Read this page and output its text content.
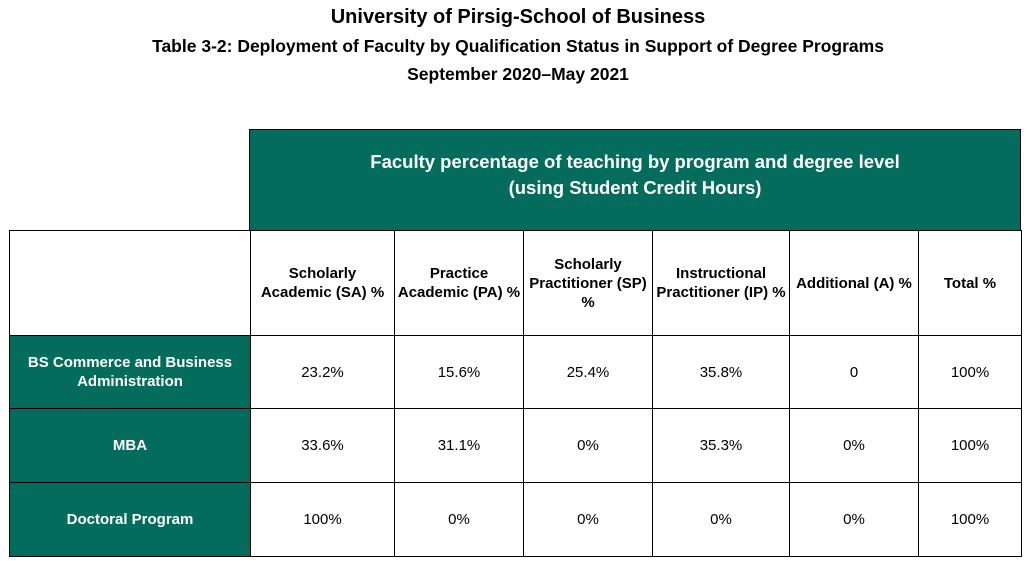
University of Pirsig-School of Business
Table 3-2: Deployment of Faculty by Qualification Status in Support of Degree Programs
September 2020–May 2021
Faculty percentage of teaching by program and degree level
(using Student Credit Hours)
	Scholarly Academic (SA) %	Practice Academic (PA) %	Scholarly Practitioner (SP) %	Instructional Practitioner (IP) %	Additional (A) %	Total %
BS Commerce and Business Administration	23.2%	15.6%	25.4%	35.8%	0	100%
MBA	33.6%	31.1%	0%	35.3%	0%	100%
Doctoral Program	100%	0%	0%	0%	0%	100%
